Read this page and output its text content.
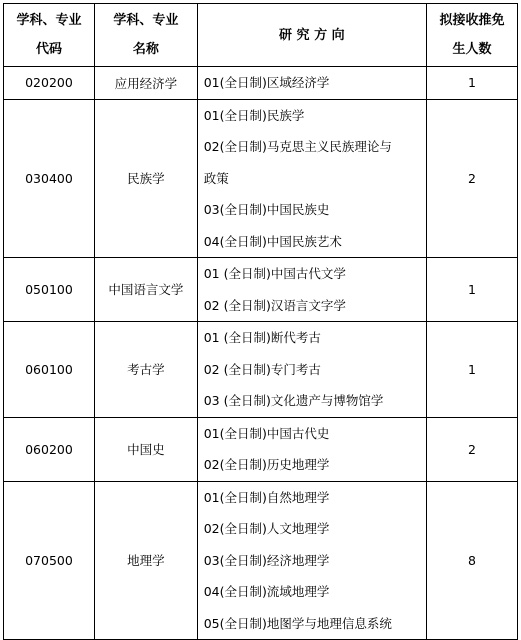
学科、专业代码	学科、专业名称	研 究 方 向	拟接收推免生人数

020200	应用经济学	01(全日制)区域经济学	1
030400	民族学	01(全日制)民族学
02(全日制)马克思主义民族理论与
政策
03(全日制)中国民族史
04(全日制)中国民族艺术	2
050100	中国语言文学	01 (全日制)中国古代文学
02 (全日制)汉语言文字学	1
060100	考古学	01 (全日制)断代考古
02 (全日制)专门考古
03 (全日制)文化遗产与博物馆学	1
060200	中国史	01(全日制)中国古代史
02(全日制)历史地理学	2
070500	地理学	01(全日制)自然地理学
02(全日制)人文地理学
03(全日制)经济地理学
04(全日制)流域地理学
05(全日制)地图学与地理信息系统	8
